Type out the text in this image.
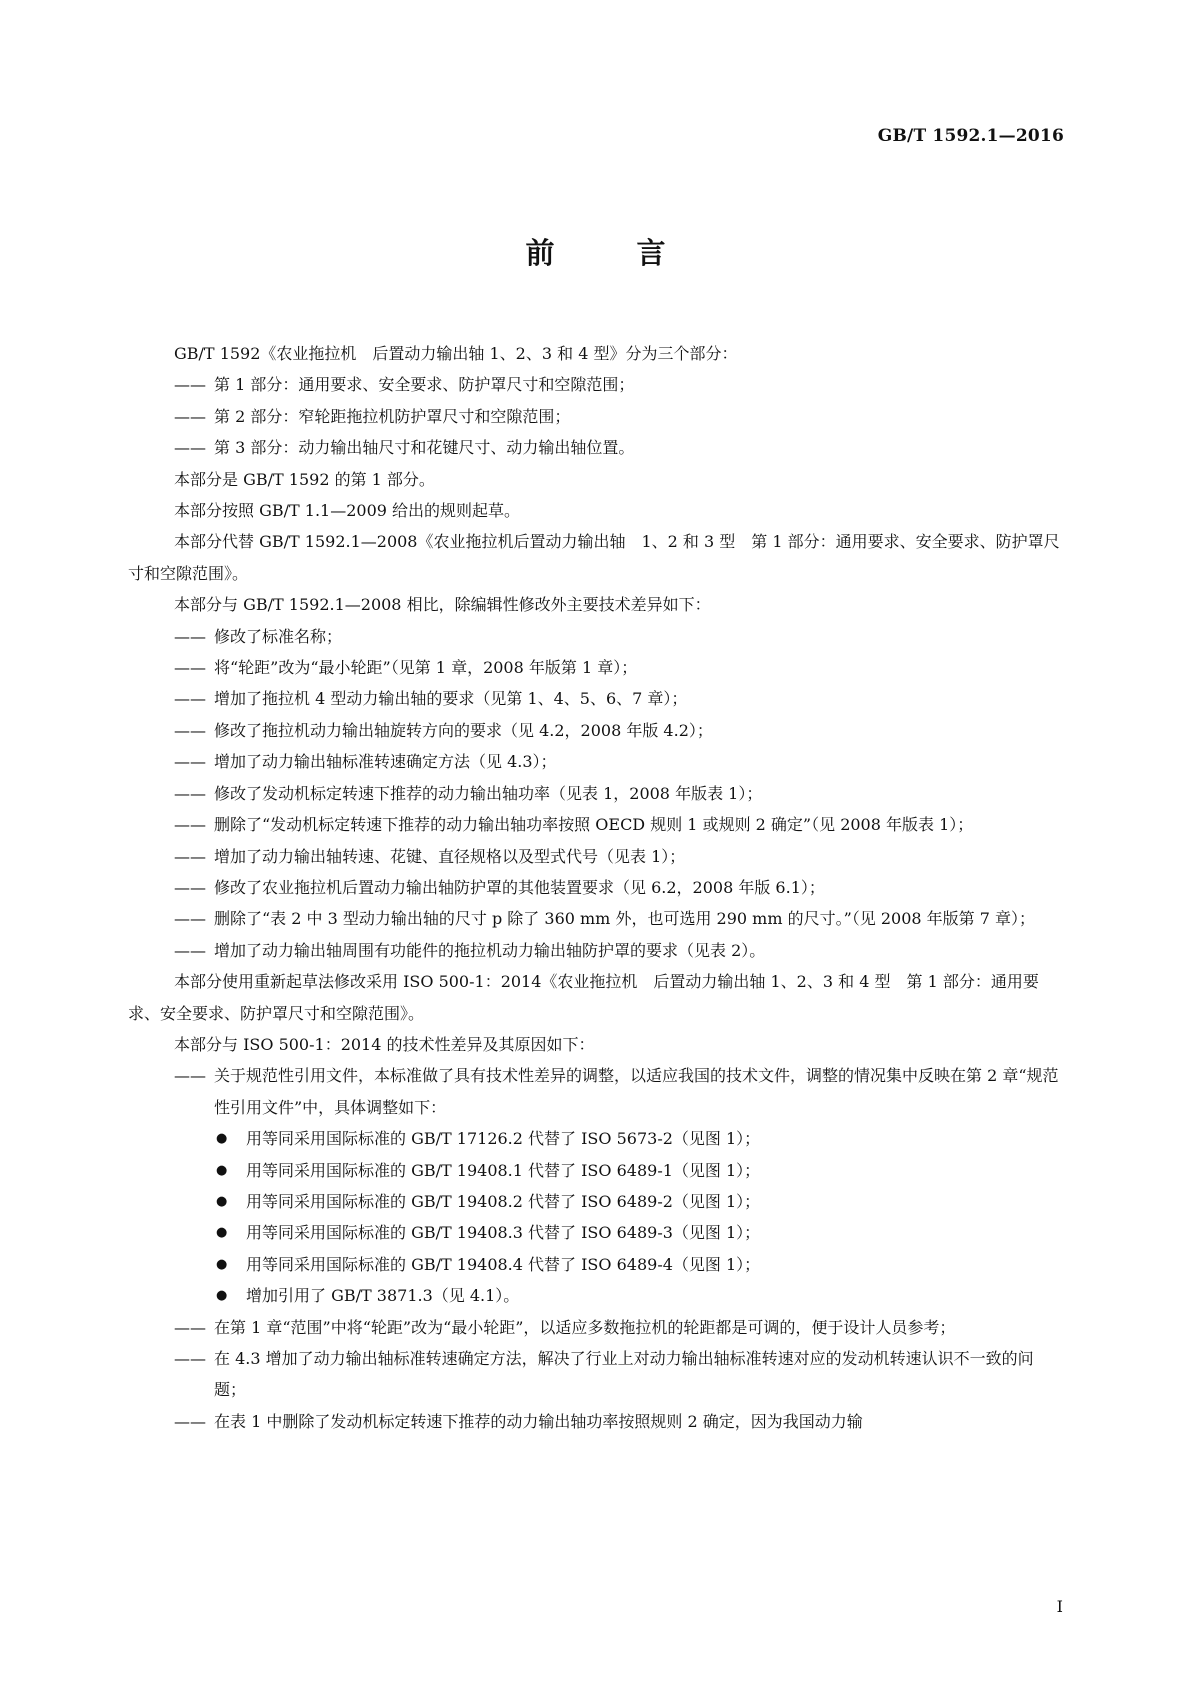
GB/T 1592.1—2016
前 言
GB/T 1592《农业拖拉机　后置动力输出轴 1、2、3 和 4 型》分为三个部分：
—— 第 1 部分：通用要求、安全要求、防护罩尺寸和空隙范围；
—— 第 2 部分：窄轮距拖拉机防护罩尺寸和空隙范围；
—— 第 3 部分：动力输出轴尺寸和花键尺寸、动力输出轴位置。
本部分是 GB/T 1592 的第 1 部分。
本部分按照 GB/T 1.1—2009 给出的规则起草。
本部分代替 GB/T 1592.1—2008《农业拖拉机后置动力输出轴　1、2 和 3 型　第 1 部分：通用要求、安全要求、防护罩尺寸和空隙范围》。
本部分与 GB/T 1592.1—2008 相比，除编辑性修改外主要技术差异如下：
—— 修改了标准名称；
—— 将“轮距”改为“最小轮距”（见第 1 章，2008 年版第 1 章）；
—— 增加了拖拉机 4 型动力输出轴的要求（见第 1、4、5、6、7 章）；
—— 修改了拖拉机动力输出轴旋转方向的要求（见 4.2，2008 年版 4.2）；
—— 增加了动力输出轴标准转速确定方法（见 4.3）；
—— 修改了发动机标定转速下推荐的动力输出轴功率（见表 1，2008 年版表 1）；
—— 删除了“发动机标定转速下推荐的动力输出轴功率按照 OECD 规则 1 或规则 2 确定”（见 2008 年版表 1）；
—— 增加了动力输出轴转速、花键、直径规格以及型式代号（见表 1）；
—— 修改了农业拖拉机后置动力输出轴防护罩的其他装置要求（见 6.2，2008 年版 6.1）；
—— 删除了“表 2 中 3 型动力输出轴的尺寸 p 除了 360 mm 外，也可选用 290 mm 的尺寸。”（见 2008 年版第 7 章）；
—— 增加了动力输出轴周围有功能件的拖拉机动力输出轴防护罩的要求（见表 2）。
本部分使用重新起草法修改采用 ISO 500-1：2014《农业拖拉机　后置动力输出轴 1、2、3 和 4 型　第 1 部分：通用要求、安全要求、防护罩尺寸和空隙范围》。
本部分与 ISO 500-1：2014 的技术性差异及其原因如下：
—— 关于规范性引用文件，本标准做了具有技术性差异的调整，以适应我国的技术文件，调整的情况集中反映在第 2 章“规范性引用文件”中，具体调整如下：
●	用等同采用国际标准的 GB/T 17126.2 代替了 ISO 5673-2（见图 1）；
●	用等同采用国际标准的 GB/T 19408.1 代替了 ISO 6489-1（见图 1）；
●	用等同采用国际标准的 GB/T 19408.2 代替了 ISO 6489-2（见图 1）；
●	用等同采用国际标准的 GB/T 19408.3 代替了 ISO 6489-3（见图 1）；
●	用等同采用国际标准的 GB/T 19408.4 代替了 ISO 6489-4（见图 1）；
●	增加引用了 GB/T 3871.3（见 4.1）。
—— 在第 1 章“范围”中将“轮距”改为“最小轮距”，以适应多数拖拉机的轮距都是可调的，便于设计人员参考；
—— 在 4.3 增加了动力输出轴标准转速确定方法，解决了行业上对动力输出轴标准转速对应的发动机转速认识不一致的问题；
—— 在表 1 中删除了发动机标定转速下推荐的动力输出轴功率按照规则 2 确定，因为我国动力输
I
